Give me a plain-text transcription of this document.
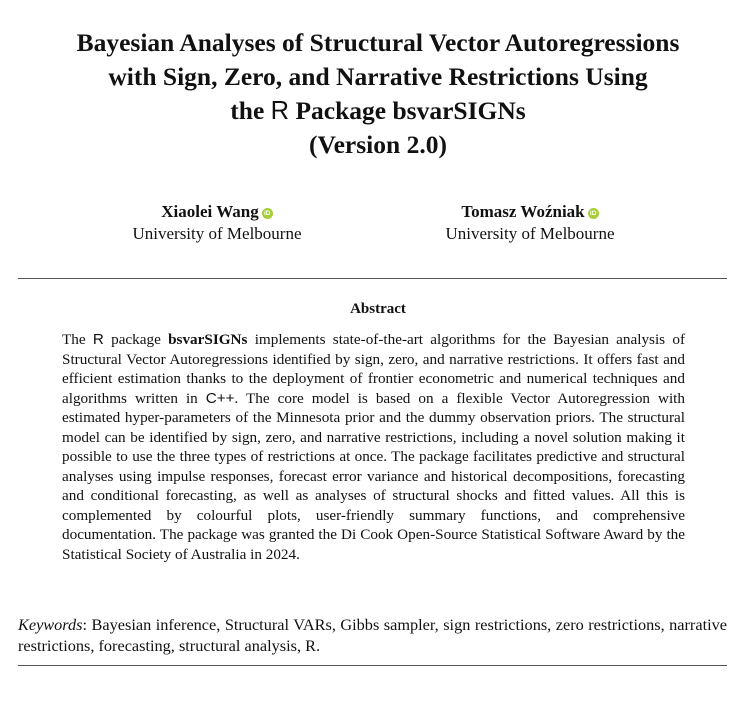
Bayesian Analyses of Structural Vector Autoregressions
with Sign, Zero, and Narrative Restrictions Using
the R Package bsvarSIGNs
(Version 2.0)
Xiaolei Wang iD
University of Melbourne
Tomasz Woźniak iD
University of Melbourne
Abstract
The R package bsvarSIGNs implements state-of-the-art algorithms for the Bayesian analysis of Structural Vector Autoregressions identified by sign, zero, and narrative restrictions. It offers fast and efficient estimation thanks to the deployment of frontier econometric and numerical techniques and algorithms written in C++. The core model is based on a flexible Vector Autoregression with estimated hyper-parameters of the Minnesota prior and the dummy observation priors. The structural model can be identified by sign, zero, and narrative restrictions, including a novel solution making it possible to use the three types of restrictions at once. The package facilitates predictive and structural analyses using impulse responses, forecast error variance and historical decompositions, forecasting and conditional forecasting, as well as analyses of structural shocks and fitted values. All this is complemented by colourful plots, user-friendly summary functions, and comprehensive documentation. The package was granted the Di Cook Open-Source Statistical Software Award by the Statistical Society of Australia in 2024.
Keywords: Bayesian inference, Structural VARs, Gibbs sampler, sign restrictions, zero restrictions, narrative restrictions, forecasting, structural analysis, R.
